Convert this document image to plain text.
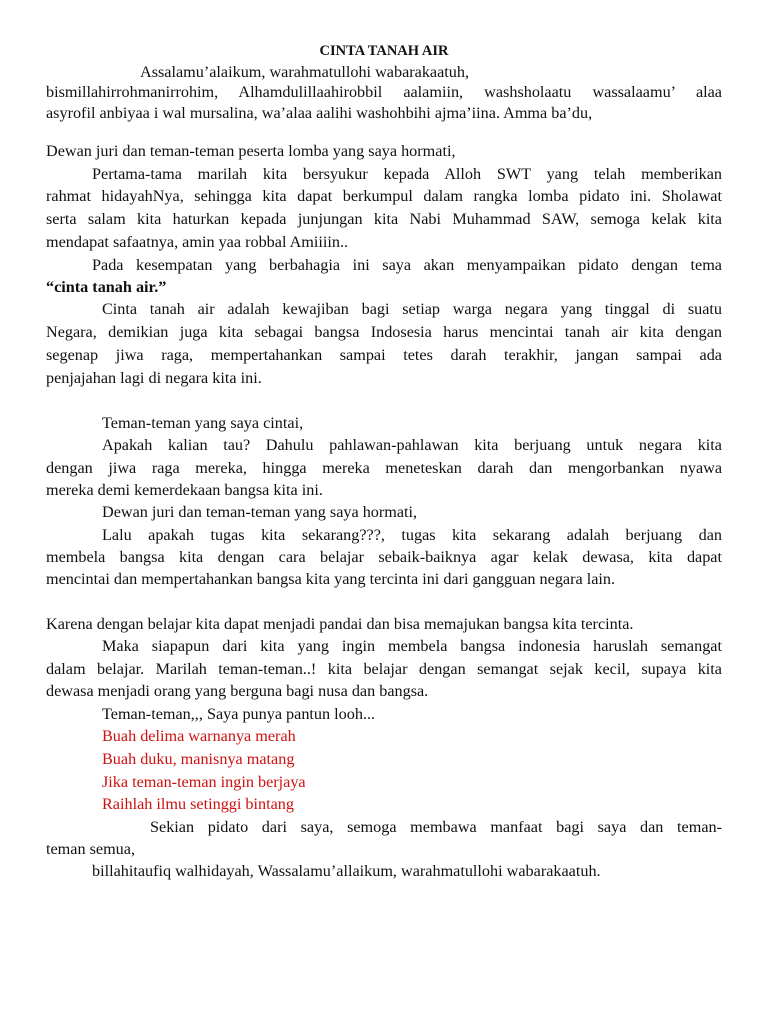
CINTA TANAH AIR
Assalamu’alaikum, warahmatullohi wabarakaatuh,
bismillahirrohmanirrohim, Alhamdulillaahirobbil aalamiin, washsholaatu wassalaamu’ alaa
asyrofil anbiyaa i wal mursalina, wa’alaa aalihi washohbihi ajma’iina. Amma ba’du,
Dewan juri dan teman-teman peserta lomba yang saya hormati,
Pertama-tama marilah kita bersyukur kepada Alloh SWT yang telah memberikan
rahmat hidayahNya, sehingga kita dapat berkumpul dalam rangka lomba pidato ini. Sholawat
serta salam kita haturkan kepada junjungan kita Nabi Muhammad SAW, semoga kelak kita
mendapat safaatnya, amin yaa robbal Amiiiin..
Pada kesempatan yang berbahagia ini saya akan menyampaikan pidato dengan tema
“cinta tanah air.”
Cinta tanah air adalah kewajiban bagi setiap warga negara yang tinggal di suatu
Negara, demikian juga kita sebagai bangsa Indosesia harus mencintai tanah air kita dengan
segenap jiwa raga, mempertahankan sampai tetes darah terakhir, jangan sampai ada
penjajahan lagi di negara kita ini.
Teman-teman yang saya cintai,
Apakah kalian tau? Dahulu pahlawan-pahlawan kita berjuang untuk negara kita
dengan jiwa raga mereka, hingga mereka meneteskan darah dan mengorbankan nyawa
mereka demi kemerdekaan bangsa kita ini.
Dewan juri dan teman-teman yang saya hormati,
Lalu apakah tugas kita sekarang???, tugas kita sekarang adalah berjuang dan
membela bangsa kita dengan cara belajar sebaik-baiknya agar kelak dewasa, kita dapat
mencintai dan mempertahankan bangsa kita yang tercinta ini dari gangguan negara lain.
Karena dengan belajar kita dapat menjadi pandai dan bisa memajukan bangsa kita tercinta.
Maka siapapun dari kita yang ingin membela bangsa indonesia haruslah semangat
dalam belajar. Marilah teman-teman..! kita belajar dengan semangat sejak kecil, supaya kita
dewasa menjadi orang yang berguna bagi nusa dan bangsa.
Teman-teman,,, Saya punya pantun looh...
Buah delima warnanya merah
Buah duku, manisnya matang
Jika teman-teman ingin berjaya
Raihlah ilmu setinggi bintang
Sekian pidato dari saya, semoga membawa manfaat bagi saya dan teman-
teman semua,
billahitaufiq walhidayah, Wassalamu’allaikum, warahmatullohi wabarakaatuh.
